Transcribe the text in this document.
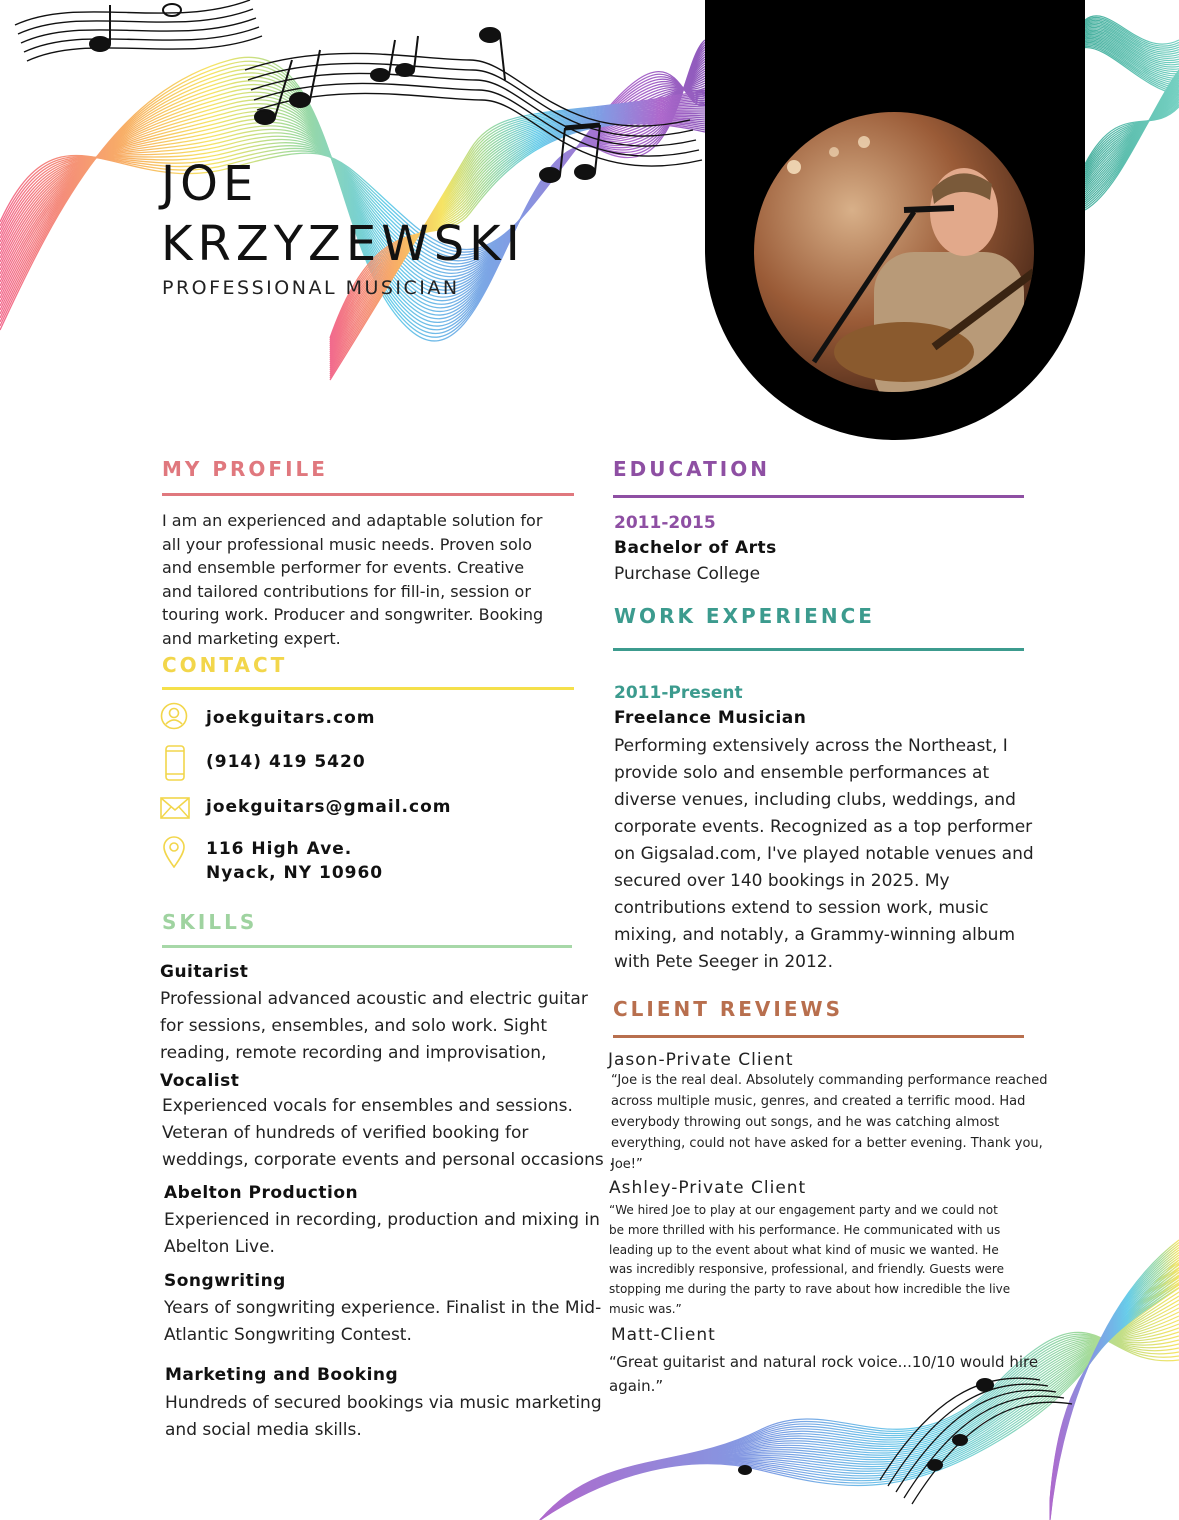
JOE
KRZYZEWSKI
PROFESSIONAL MUSICIAN
MY PROFILE
I am an experienced and adaptable solution for
all your professional music needs. Proven solo
and ensemble performer for events. Creative
and tailored contributions for fill-in, session or
touring work. Producer and songwriter. Booking
and marketing expert.
CONTACT
joekguitars.com
(914) 419 5420
joekguitars@gmail.com
116 High Ave.
Nyack, NY 10960
SKILLS
Guitarist
Professional advanced acoustic and electric guitar
for sessions, ensembles, and solo work. Sight
reading, remote recording and improvisation,
Vocalist
Experienced vocals for ensembles and sessions.
Veteran of hundreds of verified booking for
weddings, corporate events and personal occasions .
Abelton Production
Experienced in recording, production and mixing in
Abelton Live.
Songwriting
Years of songwriting experience. Finalist in the Mid-
Atlantic Songwriting Contest.
Marketing and Booking
Hundreds of secured bookings via music marketing
and social media skills.
EDUCATION
2011-2015
Bachelor of Arts
Purchase College
WORK EXPERIENCE
2011-Present
Freelance Musician
Performing extensively across the Northeast, I
provide solo and ensemble performances at
diverse venues, including clubs, weddings, and
corporate events. Recognized as a top performer
on Gigsalad.com, I've played notable venues and
secured over 140 bookings in 2025. My
contributions extend to session work, music
mixing, and notably, a Grammy-winning album
with Pete Seeger in 2012.
CLIENT REVIEWS
Jason-Private Client
“Joe is the real deal. Absolutely commanding performance reached
across multiple music, genres, and created a terrific mood. Had
everybody throwing out songs, and he was catching almost
everything, could not have asked for a better evening. Thank you,
Joe!”
Ashley-Private Client
“We hired Joe to play at our engagement party and we could not
be more thrilled with his performance. He communicated with us
leading up to the event about what kind of music we wanted. He
was incredibly responsive, professional, and friendly. Guests were
stopping me during the party to rave about how incredible the live
music was.”
Matt-Client
“Great guitarist and natural rock voice...10/10 would hire
again.”
